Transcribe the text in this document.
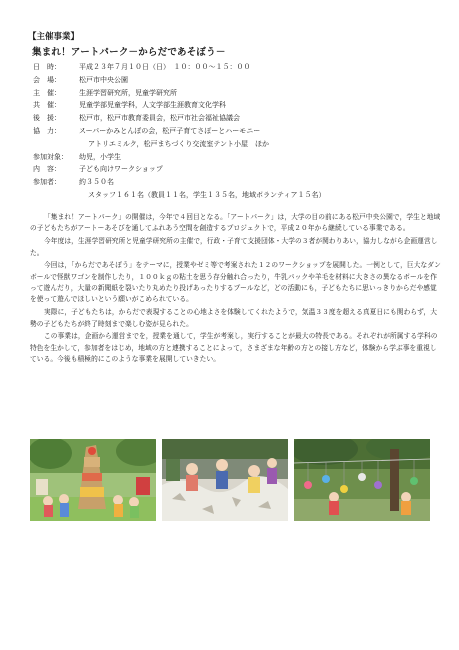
【主催事業】
集まれ！アートパーク－からだであそぼう－
日　時：	平成２３年７月１０日（日）　１０：００～１５：００
会　場：	松戸市中央公園
主　催：	生涯学習研究所，児童学研究所
共　催：	児童学部児童学科，人文学部生涯教育文化学科
後　援：	松戸市，松戸市教育委員会，松戸市社会福祉協議会
協　力：	スーパーかみとんぼの会，松戸子育てさぽーとハーモニー
アトリエミルク，松戸まちづくり交流室テント小屋　ほか
参加対象：	幼児，小学生
内　容：	子ども向けワークショップ
参加者：	約３５０名
スタッフ１６１名（教員１１名，学生１３５名，地域ボランティア１５名）

「集まれ！アートパーク」の開催は，今年で４回目となる。「アートパーク」は，大学の目の前にある松戸中央公園で，学生と地域の子どもたちがアートーあそびを通してふれあう空間を創造するプロジェクトで，平成２０年から継続している事業である。

今年度は，生涯学習研究所と児童学研究所の主催で，行政・子育て支援団体・大学の３者が関わりあい，協力しながら企画運営した。

今回は，「からだであそぼう」をテーマに，授業やゼミ等で考案された１２のワークショップを展開した。一例として，巨大なダンボールで怪獣ワゴンを制作したり，１００ｋｇの粘土を思う存分触れ合ったり，牛乳パックや羊毛を材料に大きさの異なるボールを作って遊んだり，大量の新聞紙を裂いたり丸めたり投げあったりするプールなど，どの活動にも，子どもたちに思いっきりからだや感覚を使って遊んでほしいという願いがこめられている。

実際に，子どもたちは，からだで表現することの心地よさを体験してくれたようで，気温３３度を超える真夏日にも関わらず，大勢の子どもたちが終了時刻まで楽しむ姿が見られた。

この事業は，企画から運営までを，授業を通して，学生が考案し，実行することが最大の特長である。それぞれが所属する学科の特色を生かして，参加者をはじめ，地域の方と連携することによって，さまざまな年齢の方との接し方など，体験から学ぶ事を重視している。今後も積極的にこのような事業を展開していきたい。
